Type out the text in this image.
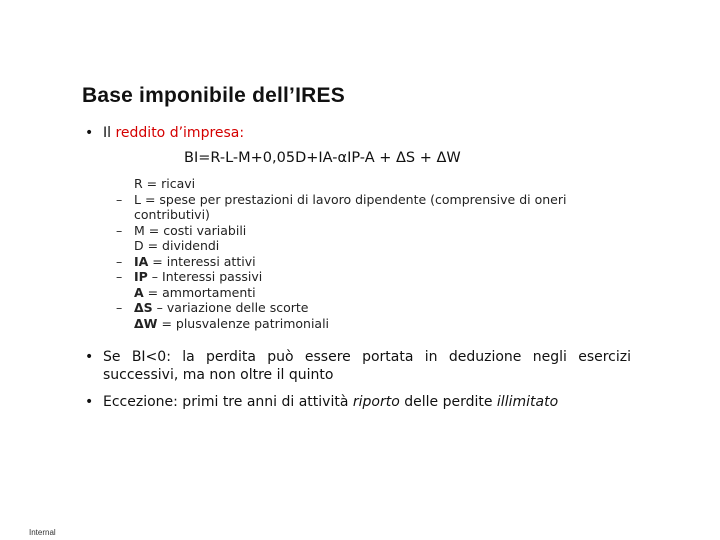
Base imponibile dell’IRES
• Il reddito d’impresa:
BI=R-L-M+0,05D+IA-αIP-A + ΔS + ΔW
R = ricavi
– L = spese per prestazioni di lavoro dipendente (comprensive di oneri contributivi)
– M = costi variabili
D = dividendi
– IA = interessi attivi
– IP – Interessi passivi
A = ammortamenti
– ΔS – variazione delle scorte
ΔW = plusvalenze patrimoniali
• Se BI<0: la perdita può essere portata in deduzione negli esercizi successivi, ma non oltre il quinto
• Eccezione: primi tre anni di attività riporto delle perdite illimitato
Internal
